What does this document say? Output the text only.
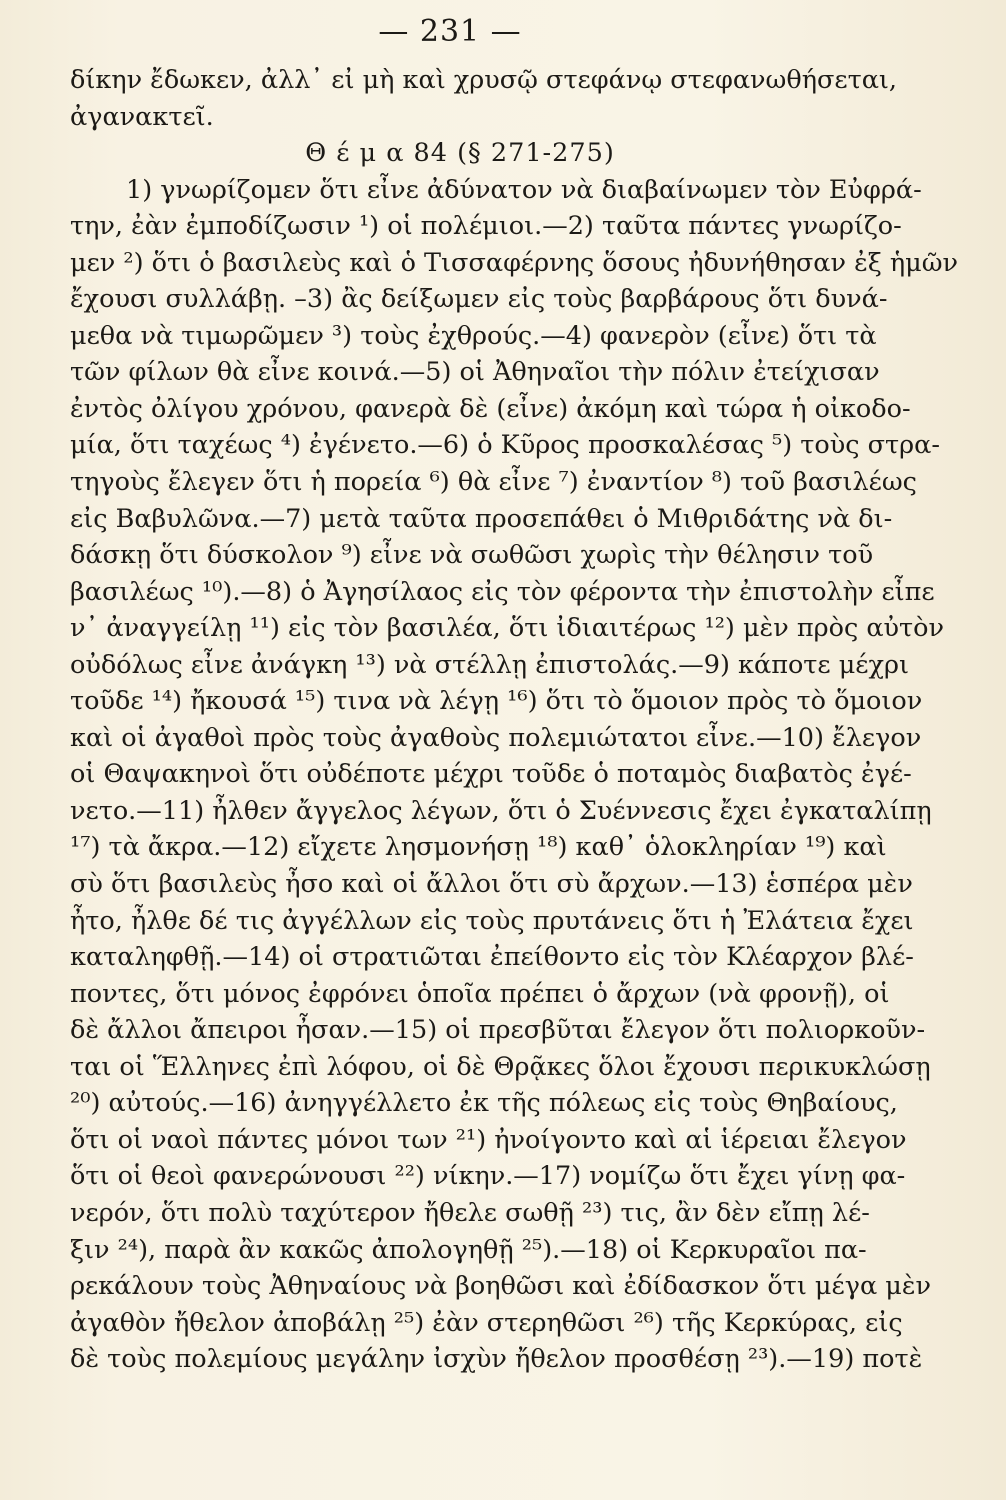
— 231 —
δίκην ἔδωκεν, ἀλλ᾿ εἰ μὴ καὶ χρυσῷ στεφάνῳ στεφανωθήσεται,
ἀγανακτεῖ.
Θ έ μ α 84 (§ 271-275)
1) γνωρίζομεν ὅτι εἶνε ἀδύνατον νὰ διαβαίνωμεν τὸν Εὐφρά-
την, ἐὰν ἐμποδίζωσιν ¹) οἱ πολέμιοι.—2) ταῦτα πάντες γνωρίζο-
μεν ²) ὅτι ὁ βασιλεὺς καὶ ὁ Τισσαφέρνης ὅσους ἠδυνήθησαν ἐξ ἡμῶν
ἔχουσι συλλάβῃ. –3) ἂς δείξωμεν εἰς τοὺς βαρβάρους ὅτι δυνά-
μεθα νὰ τιμωρῶμεν ³) τοὺς ἐχθρούς.—4) φανερὸν (εἶνε) ὅτι τὰ
τῶν φίλων θὰ εἶνε κοινά.—5) οἱ Ἀθηναῖοι τὴν πόλιν ἐτείχισαν
ἐντὸς ὀλίγου χρόνου, φανερὰ δὲ (εἶνε) ἀκόμη καὶ τώρα ἡ οἰκοδο-
μία, ὅτι ταχέως ⁴) ἐγένετο.—6) ὁ Κῦρος προσκαλέσας ⁵) τοὺς στρα-
τηγοὺς ἔλεγεν ὅτι ἡ πορεία ⁶) θὰ εἶνε ⁷) ἐναντίον ⁸) τοῦ βασιλέως
εἰς Βαβυλῶνα.—7) μετὰ ταῦτα προσεπάθει ὁ Μιθριδάτης νὰ δι-
δάσκῃ ὅτι δύσκολον ⁹) εἶνε νὰ σωθῶσι χωρὶς τὴν θέλησιν τοῦ
βασιλέως ¹⁰).—8) ὁ Ἀγησίλαος εἰς τὸν φέροντα τὴν ἐπιστολὴν εἶπε
ν᾿ ἀναγγείλῃ ¹¹) εἰς τὸν βασιλέα, ὅτι ἰδιαιτέρως ¹²) μὲν πρὸς αὐτὸν
οὐδόλως εἶνε ἀνάγκη ¹³) νὰ στέλλῃ ἐπιστολάς.—9) κάποτε μέχρι
τοῦδε ¹⁴) ἤκουσά ¹⁵) τινα νὰ λέγῃ ¹⁶) ὅτι τὸ ὅμοιον πρὸς τὸ ὅμοιον
καὶ οἱ ἀγαθοὶ πρὸς τοὺς ἀγαθοὺς πολεμιώτατοι εἶνε.—10) ἔλεγον
οἱ Θαψακηνοὶ ὅτι οὐδέποτε μέχρι τοῦδε ὁ ποταμὸς διαβατὸς ἐγέ-
νετο.—11) ἦλθεν ἄγγελος λέγων, ὅτι ὁ Συέννεσις ἔχει ἐγκαταλίπῃ
¹⁷) τὰ ἄκρα.—12) εἴχετε λησμονήσῃ ¹⁸) καθ᾿ ὁλοκληρίαν ¹⁹) καὶ
σὺ ὅτι βασιλεὺς ἦσο καὶ οἱ ἄλλοι ὅτι σὺ ἄρχων.—13) ἑσπέρα μὲν
ἦτο, ἦλθε δέ τις ἀγγέλλων εἰς τοὺς πρυτάνεις ὅτι ἡ Ἐλάτεια ἔχει
καταληφθῇ.—14) οἱ στρατιῶται ἐπείθοντο εἰς τὸν Κλέαρχον βλέ-
ποντες, ὅτι μόνος ἐφρόνει ὁποῖα πρέπει ὁ ἄρχων (νὰ φρονῇ), οἱ
δὲ ἄλλοι ἄπειροι ἦσαν.—15) οἱ πρεσβῦται ἔλεγον ὅτι πολιορκοῦν-
ται οἱ Ἕλληνες ἐπὶ λόφου, οἱ δὲ Θρᾷκες ὅλοι ἔχουσι περικυκλώσῃ
²⁰) αὐτούς.—16) ἀνηγγέλλετο ἐκ τῆς πόλεως εἰς τοὺς Θηβαίους,
ὅτι οἱ ναοὶ πάντες μόνοι των ²¹) ἠνοίγοντο καὶ αἱ ἱέρειαι ἔλεγον
ὅτι οἱ θεοὶ φανερώνουσι ²²) νίκην.—17) νομίζω ὅτι ἔχει γίνῃ φα-
νερόν, ὅτι πολὺ ταχύτερον ἤθελε σωθῇ ²³) τις, ἂν δὲν εἴπῃ λέ-
ξιν ²⁴), παρὰ ἂν κακῶς ἀπολογηθῇ ²⁵).—18) οἱ Κερκυραῖοι πα-
ρεκάλουν τοὺς Ἀθηναίους νὰ βοηθῶσι καὶ ἐδίδασκον ὅτι μέγα μὲν
ἀγαθὸν ἤθελον ἀποβάλῃ ²⁵) ἐὰν στερηθῶσι ²⁶) τῆς Κερκύρας, εἰς
δὲ τοὺς πολεμίους μεγάλην ἰσχὺν ἤθελον προσθέσῃ ²³).—19) ποτὲ
